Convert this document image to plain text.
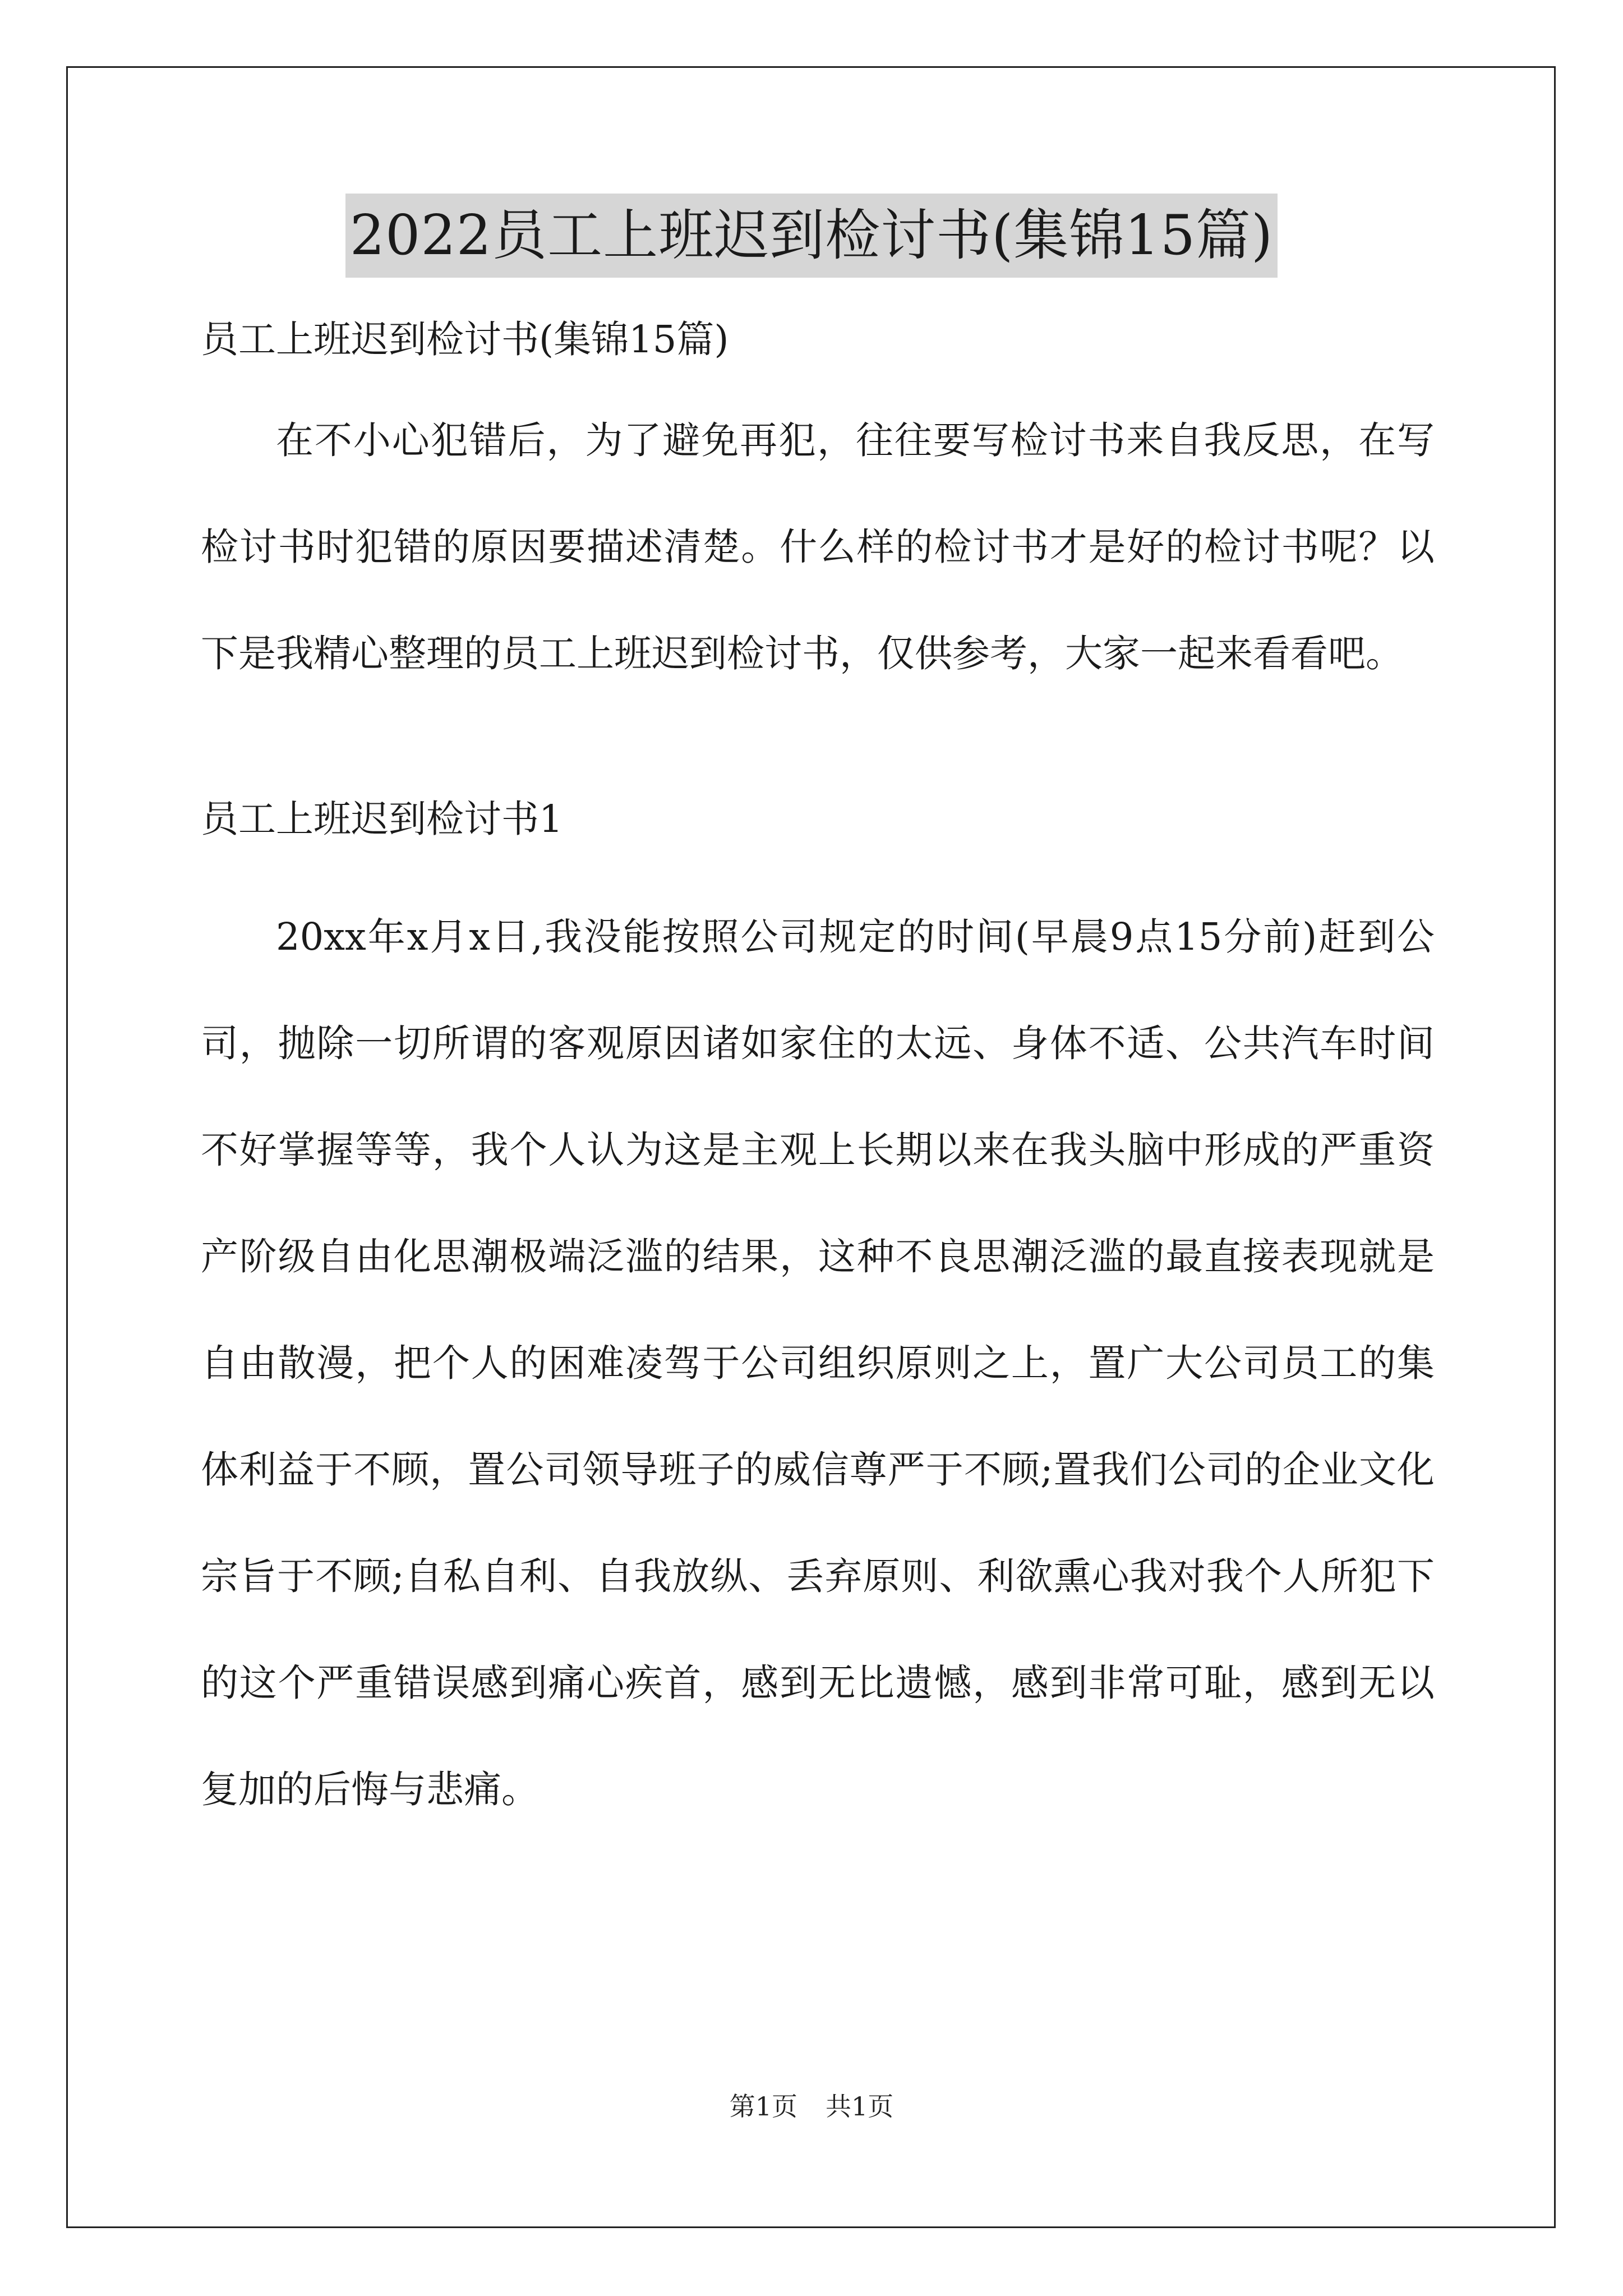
2022员工上班迟到检讨书(集锦15篇)

员工上班迟到检讨书(集锦15篇)

在不小心犯错后，为了避免再犯，往往要写检讨书来自我反思，在写检讨书时犯错的原因要描述清楚。什么样的检讨书才是好的检讨书呢？以下是我精心整理的员工上班迟到检讨书，仅供参考，大家一起来看看吧。

员工上班迟到检讨书1

20xx年x月x日,我没能按照公司规定的时间(早晨9点15分前)赶到公司，抛除一切所谓的客观原因诸如家住的太远、身体不适、公共汽车时间不好掌握等等，我个人认为这是主观上长期以来在我头脑中形成的严重资产阶级自由化思潮极端泛滥的结果，这种不良思潮泛滥的最直接表现就是自由散漫，把个人的困难凌驾于公司组织原则之上，置广大公司员工的集体利益于不顾，置公司领导班子的威信尊严于不顾;置我们公司的企业文化宗旨于不顾;自私自利、自我放纵、丢弃原则、利欲熏心我对我个人所犯下的这个严重错误感到痛心疾首，感到无比遗憾，感到非常可耻，感到无以复加的后悔与悲痛。

第1页 共1页
